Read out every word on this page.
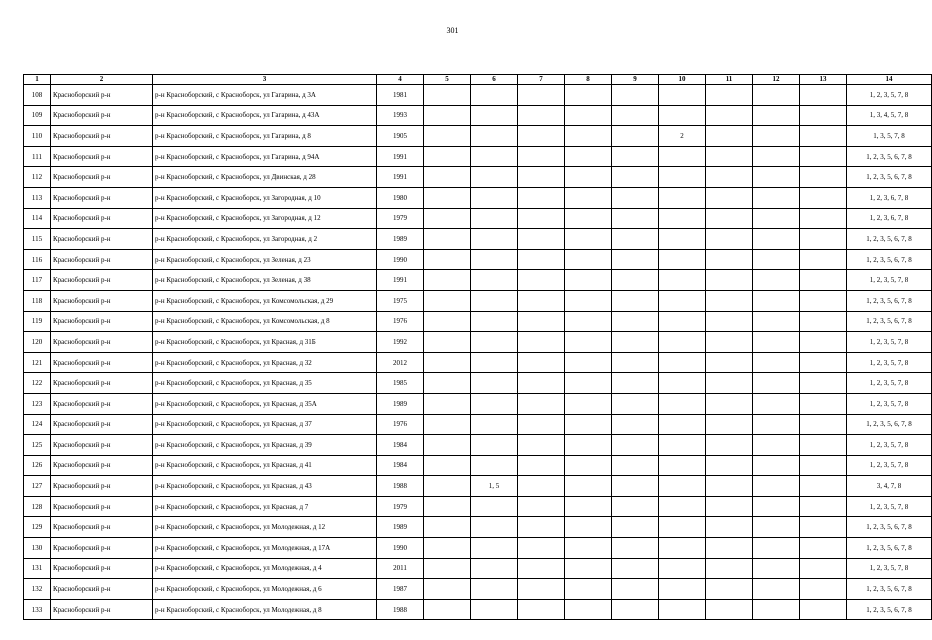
301
1	2	3	4	5	6	7	8	9	10	11	12	13	14
108	Красноборский р-н	р-н Красноборский, с Красноборск, ул Гагарина, д 3А	1981										1, 2, 3, 5, 7, 8
109	Красноборский р-н	р-н Красноборский, с Красноборск, ул Гагарина, д 43А	1993										1, 3, 4, 5, 7, 8
110	Красноборский р-н	р-н Красноборский, с Красноборск, ул Гагарина, д 8	1905						2				1, 3, 5, 7, 8
111	Красноборский р-н	р-н Красноборский, с Красноборск, ул Гагарина, д 94А	1991										1, 2, 3, 5, 6, 7, 8
112	Красноборский р-н	р-н Красноборский, с Красноборск, ул Двинская, д 28	1991										1, 2, 3, 5, 6, 7, 8
113	Красноборский р-н	р-н Красноборский, с Красноборск, ул Загородная, д 10	1980										1, 2, 3, 6, 7, 8
114	Красноборский р-н	р-н Красноборский, с Красноборск, ул Загородная, д 12	1979										1, 2, 3, 6, 7, 8
115	Красноборский р-н	р-н Красноборский, с Красноборск, ул Загородная, д 2	1989										1, 2, 3, 5, 6, 7, 8
116	Красноборский р-н	р-н Красноборский, с Красноборск, ул Зеленая, д 23	1990										1, 2, 3, 5, 6, 7, 8
117	Красноборский р-н	р-н Красноборский, с Красноборск, ул Зеленая, д 38	1991										1, 2, 3, 5, 7, 8
118	Красноборский р-н	р-н Красноборский, с Красноборск, ул Комсомольская, д 29	1975										1, 2, 3, 5, 6, 7, 8
119	Красноборский р-н	р-н Красноборский, с Красноборск, ул Комсомольская, д 8	1976										1, 2, 3, 5, 6, 7, 8
120	Красноборский р-н	р-н Красноборский, с Красноборск, ул Красная, д 31Б	1992										1, 2, 3, 5, 7, 8
121	Красноборский р-н	р-н Красноборский, с Красноборск, ул Красная, д 32	2012										1, 2, 3, 5, 7, 8
122	Красноборский р-н	р-н Красноборский, с Красноборск, ул Красная, д 35	1985										1, 2, 3, 5, 7, 8
123	Красноборский р-н	р-н Красноборский, с Красноборск, ул Красная, д 35А	1989										1, 2, 3, 5, 7, 8
124	Красноборский р-н	р-н Красноборский, с Красноборск, ул Красная, д 37	1976										1, 2, 3, 5, 6, 7, 8
125	Красноборский р-н	р-н Красноборский, с Красноборск, ул Красная, д 39	1984										1, 2, 3, 5, 7, 8
126	Красноборский р-н	р-н Красноборский, с Красноборск, ул Красная, д 41	1984										1, 2, 3, 5, 7, 8
127	Красноборский р-н	р-н Красноборский, с Красноборск, ул Красная, д 43	1988		1, 5								3, 4, 7, 8
128	Красноборский р-н	р-н Красноборский, с Красноборск, ул Красная, д 7	1979										1, 2, 3, 5, 7, 8
129	Красноборский р-н	р-н Красноборский, с Красноборск, ул Молодежная, д 12	1989										1, 2, 3, 5, 6, 7, 8
130	Красноборский р-н	р-н Красноборский, с Красноборск, ул Молодежная, д 17А	1990										1, 2, 3, 5, 6, 7, 8
131	Красноборский р-н	р-н Красноборский, с Красноборск, ул Молодежная, д 4	2011										1, 2, 3, 5, 7, 8
132	Красноборский р-н	р-н Красноборский, с Красноборск, ул Молодежная, д 6	1987										1, 2, 3, 5, 6, 7, 8
133	Красноборский р-н	р-н Красноборский, с Красноборск, ул Молодежная, д 8	1988										1, 2, 3, 5, 6, 7, 8
